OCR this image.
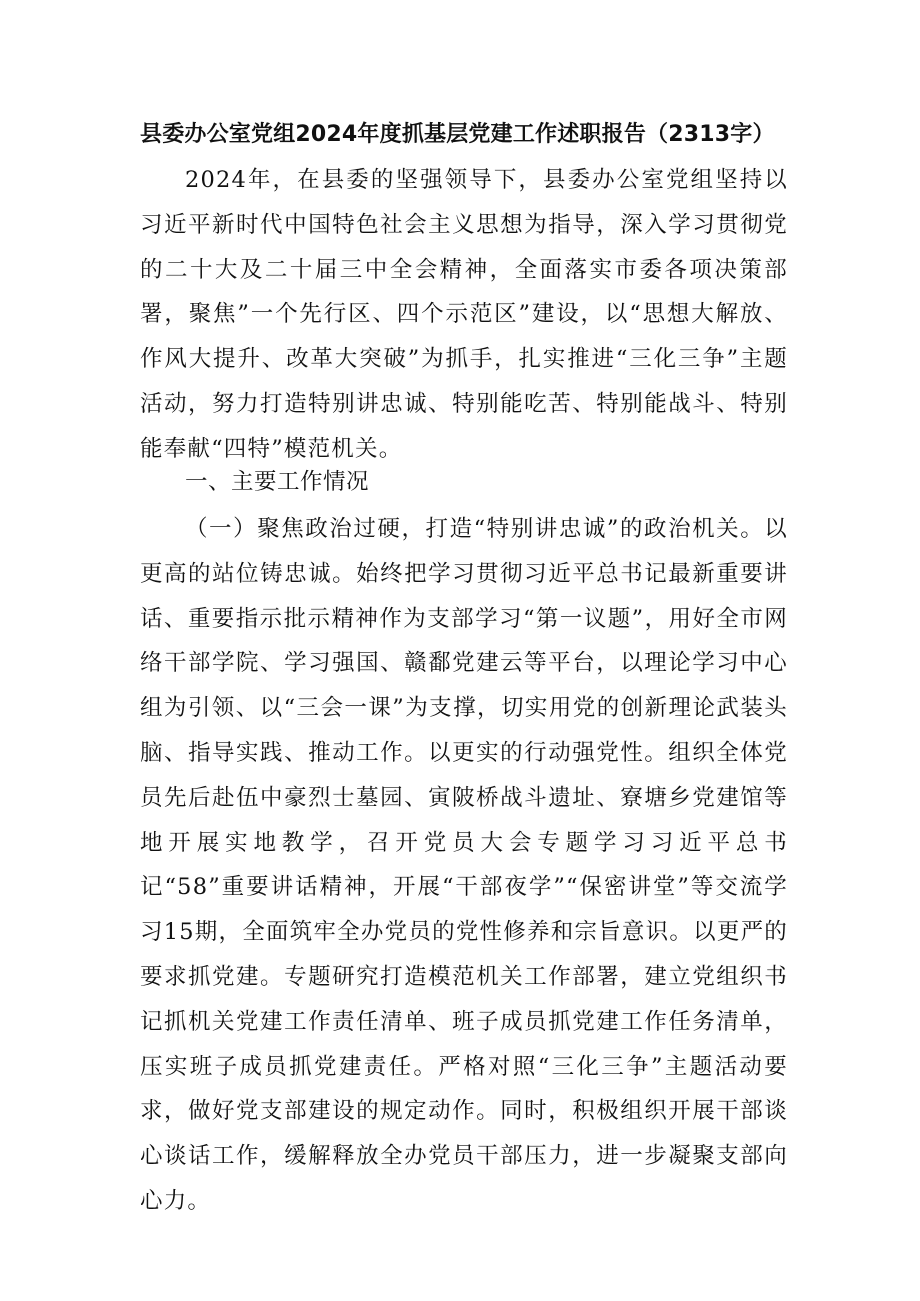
县委办公室党组2024年度抓基层党建工作述职报告（2313字）

2024年，在县委的坚强领导下，县委办公室党组坚持以习近平新时代中国特色社会主义思想为指导，深入学习贯彻党的二十大及二十届三中全会精神，全面落实市委各项决策部署，聚焦”一个先行区、四个示范区”建设，以“思想大解放、作风大提升、改革大突破”为抓手，扎实推进“三化三争”主题活动，努力打造特别讲忠诚、特别能吃苦、特别能战斗、特别能奉献“四特”模范机关。

一、主要工作情况

（一）聚焦政治过硬，打造“特别讲忠诚”的政治机关。以更高的站位铸忠诚。始终把学习贯彻习近平总书记最新重要讲话、重要指示批示精神作为支部学习“第一议题”，用好全市网络干部学院、学习强国、赣鄱党建云等平台，以理论学习中心组为引领、以“三会一课”为支撑，切实用党的创新理论武装头脑、指导实践、推动工作。以更实的行动强党性。组织全体党员先后赴伍中豪烈士墓园、寅陂桥战斗遗址、寮塘乡党建馆等地开展实地教学，召开党员大会专题学习习近平总书记“58”重要讲话精神，开展“干部夜学”“保密讲堂”等交流学习15期，全面筑牢全办党员的党性修养和宗旨意识。以更严的要求抓党建。专题研究打造模范机关工作部署，建立党组织书记抓机关党建工作责任清单、班子成员抓党建工作任务清单，压实班子成员抓党建责任。严格对照“三化三争”主题活动要求，做好党支部建设的规定动作。同时，积极组织开展干部谈心谈话工作，缓解释放全办党员干部压力，进一步凝聚支部向心力。
